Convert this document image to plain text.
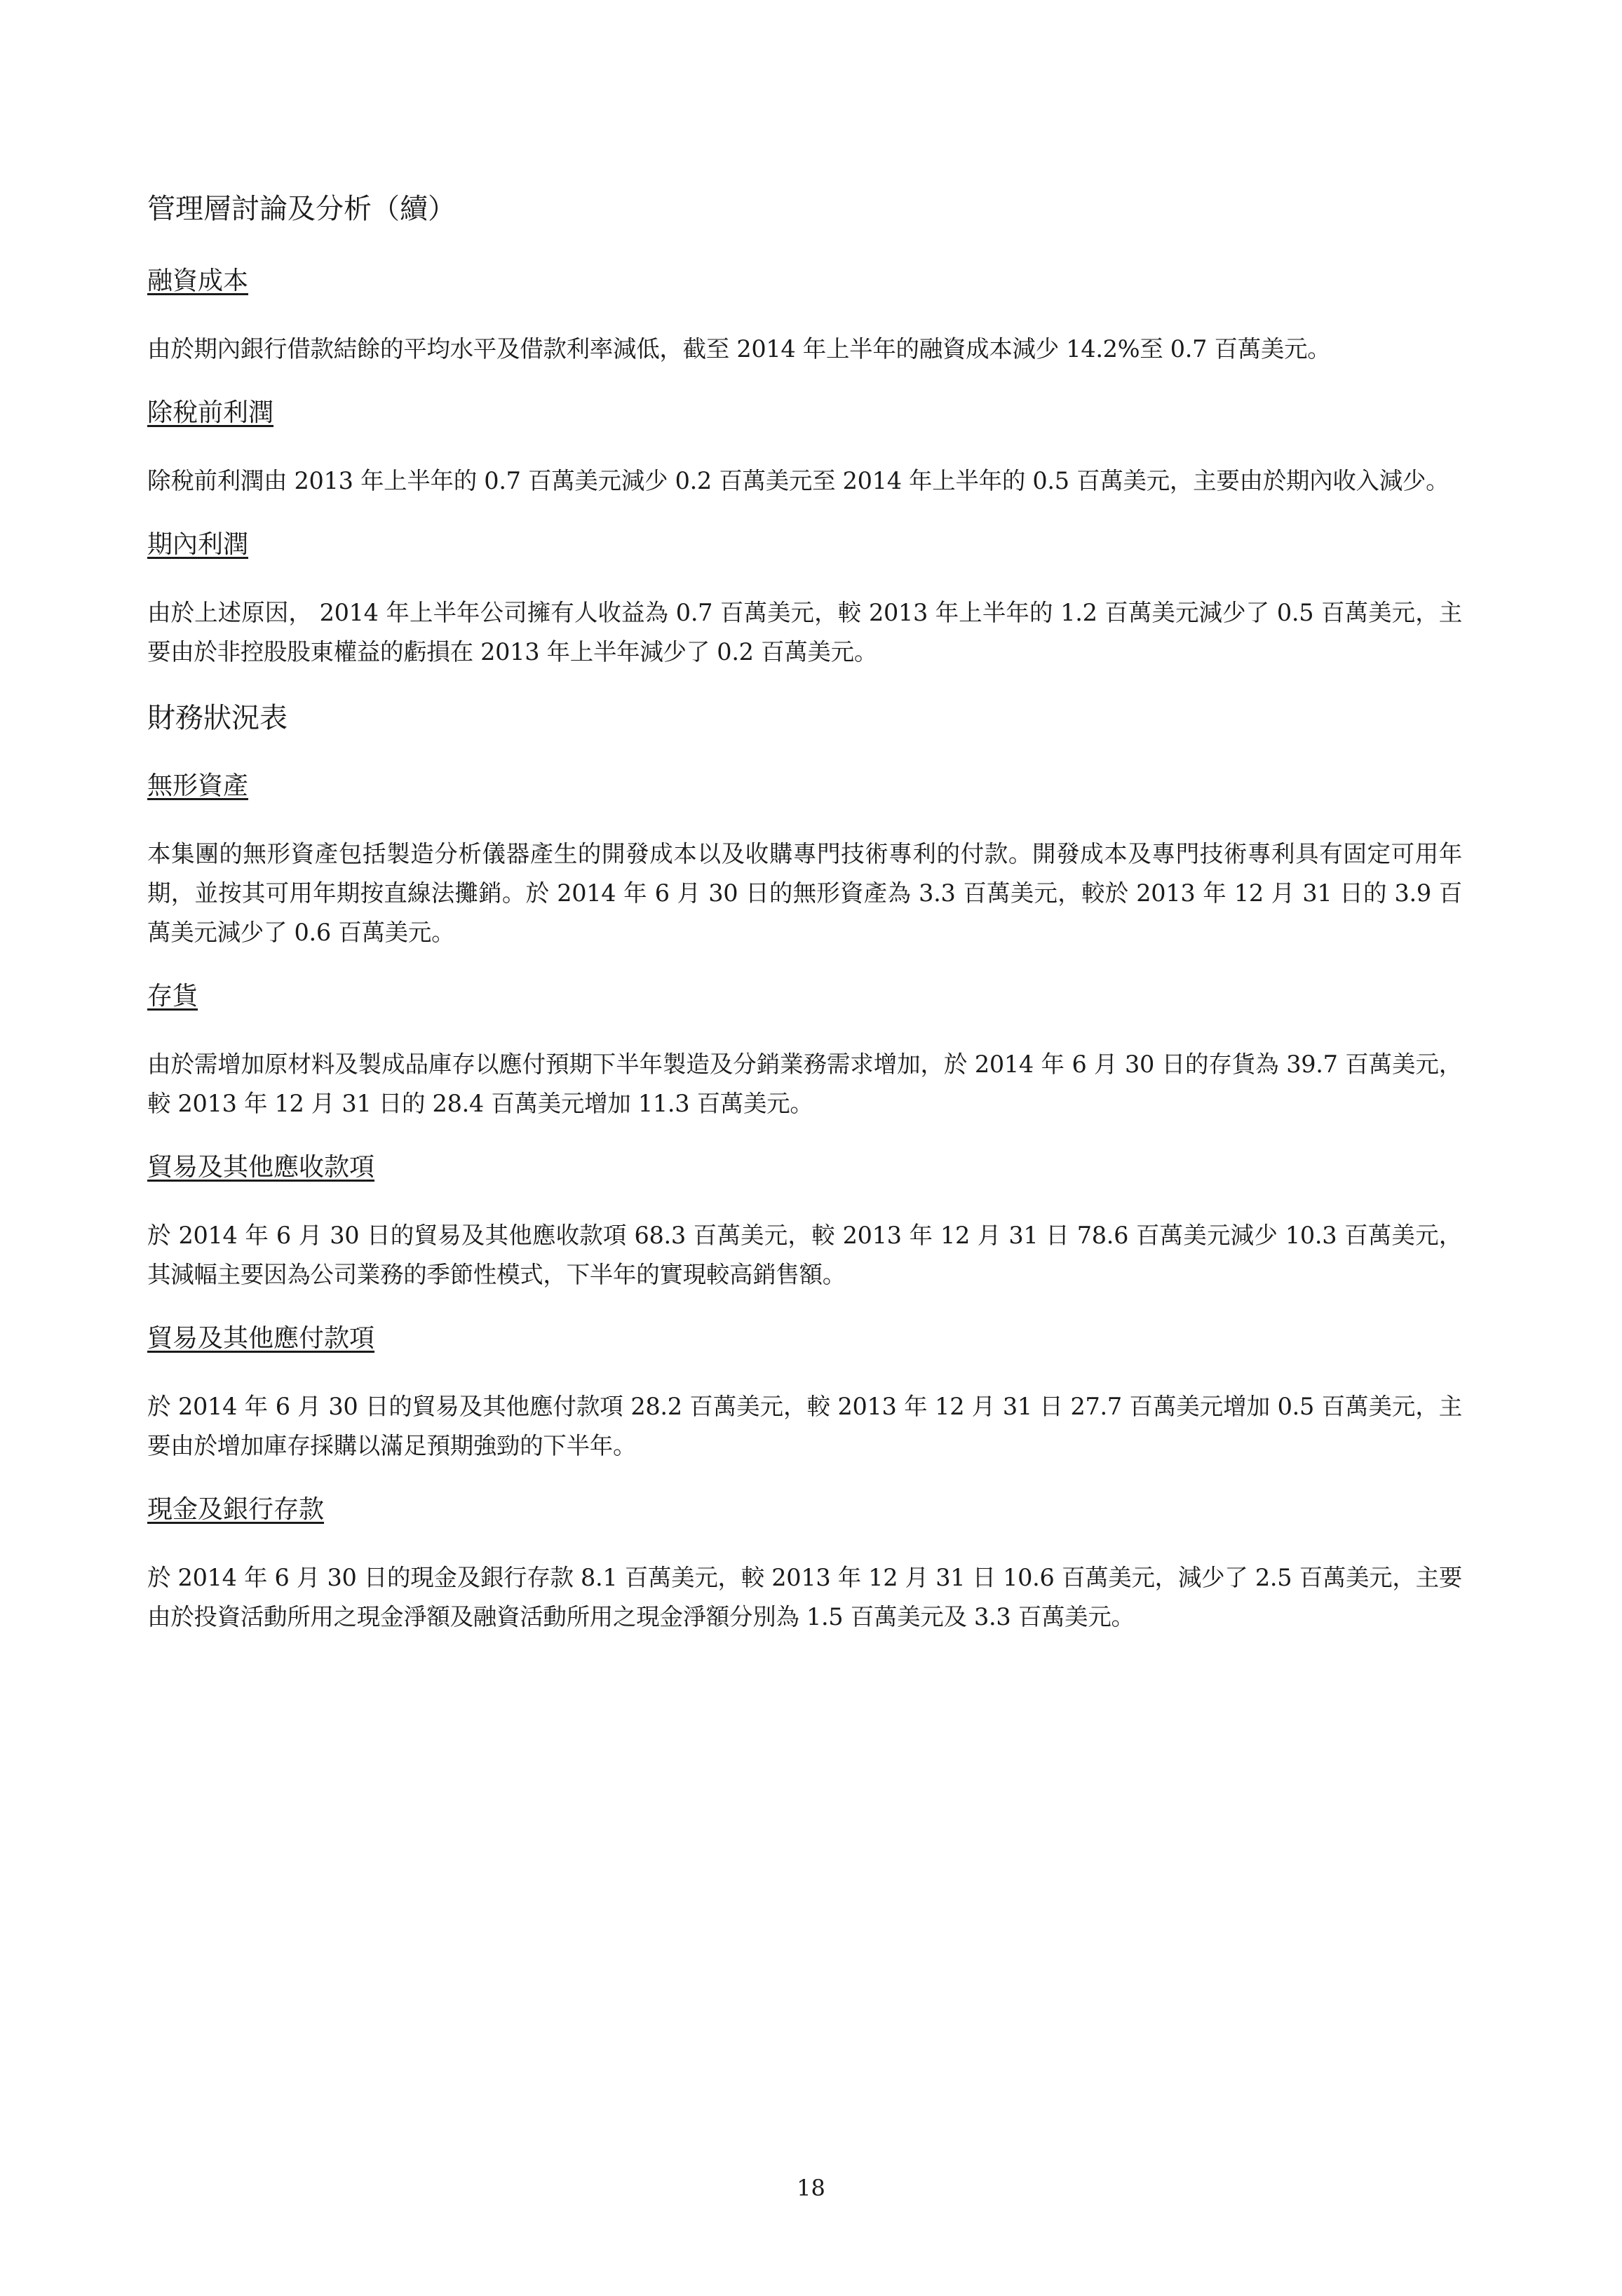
管理層討論及分析（續）
融資成本

由於期內銀行借款結餘的平均水平及借款利率減低，截至 2014 年上半年的融資成本減少 14.2%至 0.7 百萬美元。

除稅前利潤

除稅前利潤由 2013 年上半年的 0.7 百萬美元減少 0.2 百萬美元至 2014 年上半年的 0.5 百萬美元，主要由於期內收入減少。

期內利潤

由於上述原因， 2014 年上半年公司擁有人收益為 0.7 百萬美元，較 2013 年上半年的 1.2 百萬美元減少了 0.5 百萬美元，主要由於非控股股東權益的虧損在 2013 年上半年減少了 0.2 百萬美元。

財務狀況表
無形資產

本集團的無形資產包括製造分析儀器產生的開發成本以及收購專門技術專利的付款。開發成本及專門技術專利具有固定可用年期，並按其可用年期按直線法攤銷。於 2014 年 6 月 30 日的無形資產為 3.3 百萬美元，較於 2013 年 12 月 31 日的 3.9 百萬美元減少了 0.6 百萬美元。

存貨

由於需增加原材料及製成品庫存以應付預期下半年製造及分銷業務需求增加，於 2014 年 6 月 30 日的存貨為 39.7 百萬美元，較 2013 年 12 月 31 日的 28.4 百萬美元增加 11.3 百萬美元。

貿易及其他應收款項

於 2014 年 6 月 30 日的貿易及其他應收款項 68.3 百萬美元，較 2013 年 12 月 31 日 78.6 百萬美元減少 10.3 百萬美元，其減幅主要因為公司業務的季節性模式，下半年的實現較高銷售額。

貿易及其他應付款項

於 2014 年 6 月 30 日的貿易及其他應付款項 28.2 百萬美元，較 2013 年 12 月 31 日 27.7 百萬美元增加 0.5 百萬美元，主要由於增加庫存採購以滿足預期強勁的下半年。

現金及銀行存款

於 2014 年 6 月 30 日的現金及銀行存款 8.1 百萬美元，較 2013 年 12 月 31 日 10.6 百萬美元，減少了 2.5 百萬美元，主要由於投資活動所用之現金淨額及融資活動所用之現金淨額分別為 1.5 百萬美元及 3.3 百萬美元。

18
